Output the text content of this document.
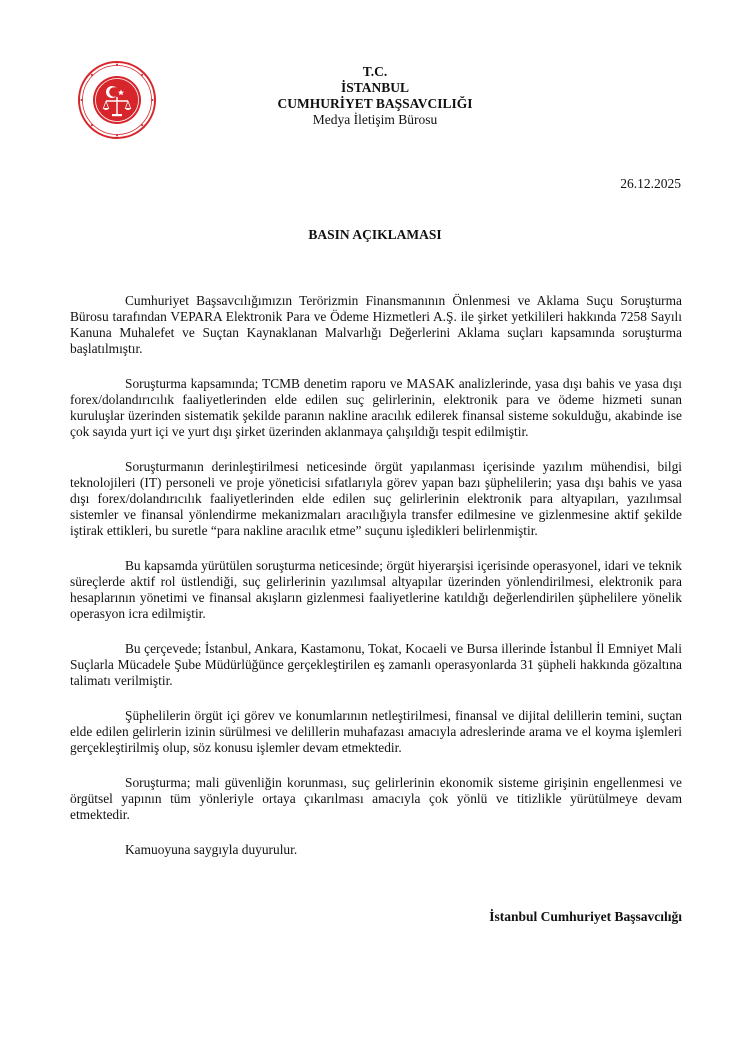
T.C.
İSTANBUL
CUMHURİYET BAŞSAVCILIĞI
Medya İletişim Bürosu
26.12.2025
BASIN AÇIKLAMASI

Cumhuriyet Başsavcılığımızın Terörizmin Finansmanının Önlenmesi ve Aklama Suçu Soruşturma Bürosu tarafından VEPARA Elektronik Para ve Ödeme Hizmetleri A.Ş. ile şirket yetkilileri hakkında 7258 Sayılı Kanuna Muhalefet ve Suçtan Kaynaklanan Malvarlığı Değerlerini Aklama suçları kapsamında soruşturma başlatılmıştır.

Soruşturma kapsamında; TCMB denetim raporu ve MASAK analizlerinde, yasa dışı bahis ve yasa dışı forex/dolandırıcılık faaliyetlerinden elde edilen suç gelirlerinin, elektronik para ve ödeme hizmeti sunan kuruluşlar üzerinden sistematik şekilde paranın nakline aracılık edilerek finansal sisteme sokulduğu, akabinde ise çok sayıda yurt içi ve yurt dışı şirket üzerinden aklanmaya çalışıldığı tespit edilmiştir.

Soruşturmanın derinleştirilmesi neticesinde örgüt yapılanması içerisinde yazılım mühendisi, bilgi teknolojileri (IT) personeli ve proje yöneticisi sıfatlarıyla görev yapan bazı şüphelilerin; yasa dışı bahis ve yasa dışı forex/dolandırıcılık faaliyetlerinden elde edilen suç gelirlerinin elektronik para altyapıları, yazılımsal sistemler ve finansal yönlendirme mekanizmaları aracılığıyla transfer edilmesine ve gizlenmesine aktif şekilde iştirak ettikleri, bu suretle “para nakline aracılık etme” suçunu işledikleri belirlenmiştir.

Bu kapsamda yürütülen soruşturma neticesinde; örgüt hiyerarşisi içerisinde operasyonel, idari ve teknik süreçlerde aktif rol üstlendiği, suç gelirlerinin yazılımsal altyapılar üzerinden yönlendirilmesi, elektronik para hesaplarının yönetimi ve finansal akışların gizlenmesi faaliyetlerine katıldığı değerlendirilen şüphelilere yönelik operasyon icra edilmiştir.

Bu çerçevede; İstanbul, Ankara, Kastamonu, Tokat, Kocaeli ve Bursa illerinde İstanbul İl Emniyet Mali Suçlarla Mücadele Şube Müdürlüğünce gerçekleştirilen eş zamanlı operasyonlarda 31 şüpheli hakkında gözaltına talimatı verilmiştir.

Şüphelilerin örgüt içi görev ve konumlarının netleştirilmesi, finansal ve dijital delillerin temini, suçtan elde edilen gelirlerin izinin sürülmesi ve delillerin muhafazası amacıyla adreslerinde arama ve el koyma işlemleri gerçekleştirilmiş olup, söz konusu işlemler devam etmektedir.

Soruşturma; mali güvenliğin korunması, suç gelirlerinin ekonomik sisteme girişinin engellenmesi ve örgütsel yapının tüm yönleriyle ortaya çıkarılması amacıyla çok yönlü ve titizlikle yürütülmeye devam etmektedir.

Kamuoyuna saygıyla duyurulur.

İstanbul Cumhuriyet Başsavcılığı
